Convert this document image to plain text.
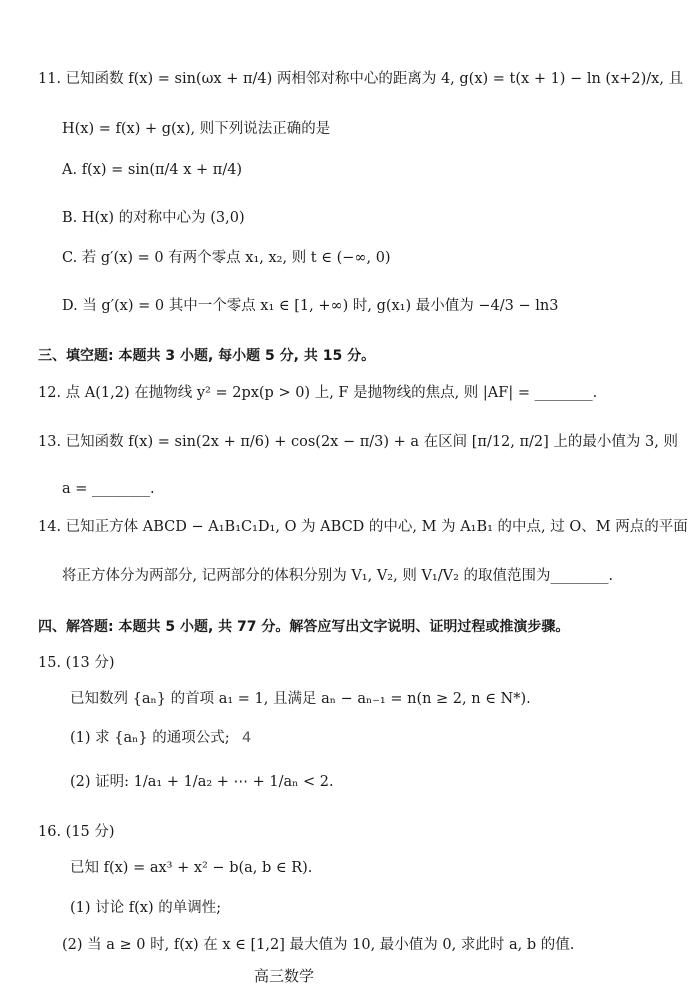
11. 已知函数 f(x) = sin(ωx + π/4) 两相邻对称中心的距离为 4, g(x) = t(x + 1) − ln (x+2)/x, 且
H(x) = f(x) + g(x), 则下列说法正确的是
A. f(x) = sin(π/4 x + π/4)
B. H(x) 的对称中心为 (3,0)
C. 若 g′(x) = 0 有两个零点 x₁, x₂, 则 t ∈ (−∞, 0)
D. 当 g′(x) = 0 其中一个零点 x₁ ∈ [1, +∞) 时, g(x₁) 最小值为 −4/3 − ln3
三、填空题: 本题共 3 小题, 每小题 5 分, 共 15 分。
12. 点 A(1,2) 在抛物线 y² = 2px(p > 0) 上, F 是抛物线的焦点, 则 |AF| = ________.
13. 已知函数 f(x) = sin(2x + π/6) + cos(2x − π/3) + a 在区间 [π/12, π/2] 上的最小值为 3, 则
a = ________.
14. 已知正方体 ABCD − A₁B₁C₁D₁, O 为 ABCD 的中心, M 为 A₁B₁ 的中点, 过 O、M 两点的平面
将正方体分为两部分, 记两部分的体积分别为 V₁, V₂, 则 V₁/V₂ 的取值范围为________.
四、解答题: 本题共 5 小题, 共 77 分。解答应写出文字说明、证明过程或推演步骤。
15. (13 分)
已知数列 {aₙ} 的首项 a₁ = 1, 且满足 aₙ − aₙ₋₁ = n(n ≥ 2, n ∈ N*).
(1) 求 {aₙ} 的通项公式; 4
(2) 证明: 1/a₁ + 1/a₂ + ⋯ + 1/aₙ < 2.
16. (15 分)
已知 f(x) = ax³ + x² − b(a, b ∈ R).
(1) 讨论 f(x) 的单调性;
(2) 当 a ≥ 0 时, f(x) 在 x ∈ [1,2] 最大值为 10, 最小值为 0, 求此时 a, b 的值.
高三数学
